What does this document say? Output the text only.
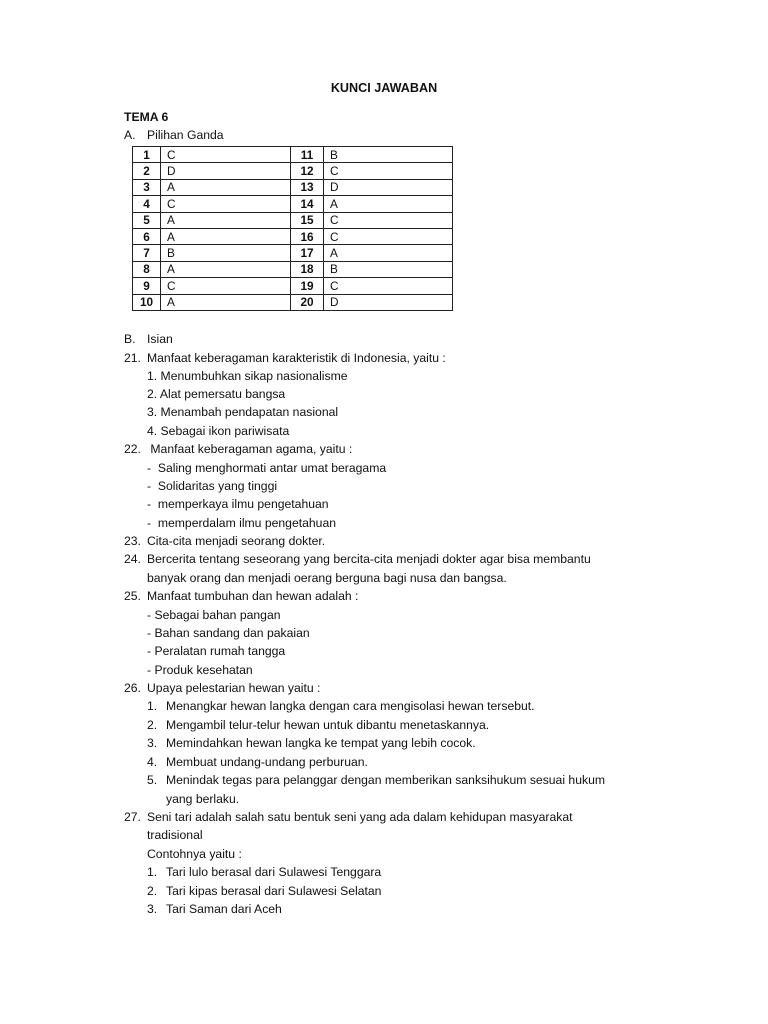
KUNCI JAWABAN
TEMA 6
A. Pilihan Ganda
1	C	11	B
2	D	12	C
3	A	13	D
4	C	14	A
5	A	15	C
6	A	16	C
7	B	17	A
8	A	18	B
9	C	19	C
10	A	20	D
B. Isian
21. Manfaat keberagaman karakteristik di Indonesia, yaitu :
1. Menumbuhkan sikap nasionalisme
2. Alat pemersatu bangsa
3. Menambah pendapatan nasional
4. Sebagai ikon pariwisata
22. Manfaat keberagaman agama, yaitu :
-  Saling menghormati antar umat beragama
-  Solidaritas yang tinggi
-  memperkaya ilmu pengetahuan
-  memperdalam ilmu pengetahuan
23. Cita-cita menjadi seorang dokter.
24. Bercerita tentang seseorang yang bercita-cita menjadi dokter agar bisa membantu
banyak orang dan menjadi oerang berguna bagi nusa dan bangsa.
25. Manfaat tumbuhan dan hewan adalah :
- Sebagai bahan pangan
- Bahan sandang dan pakaian
- Peralatan rumah tangga
- Produk kesehatan
26. Upaya pelestarian hewan yaitu :
1. Menangkar hewan langka dengan cara mengisolasi hewan tersebut.
2. Mengambil telur-telur hewan untuk dibantu menetaskannya.
3. Memindahkan hewan langka ke tempat yang lebih cocok.
4. Membuat undang-undang perburuan.
5. Menindak tegas para pelanggar dengan memberikan sanksihukum sesuai hukum
yang berlaku.
27. Seni tari adalah salah satu bentuk seni yang ada dalam kehidupan masyarakat
tradisional
Contohnya yaitu :
1. Tari lulo berasal dari Sulawesi Tenggara
2. Tari kipas berasal dari Sulawesi Selatan
3. Tari Saman dari Aceh
